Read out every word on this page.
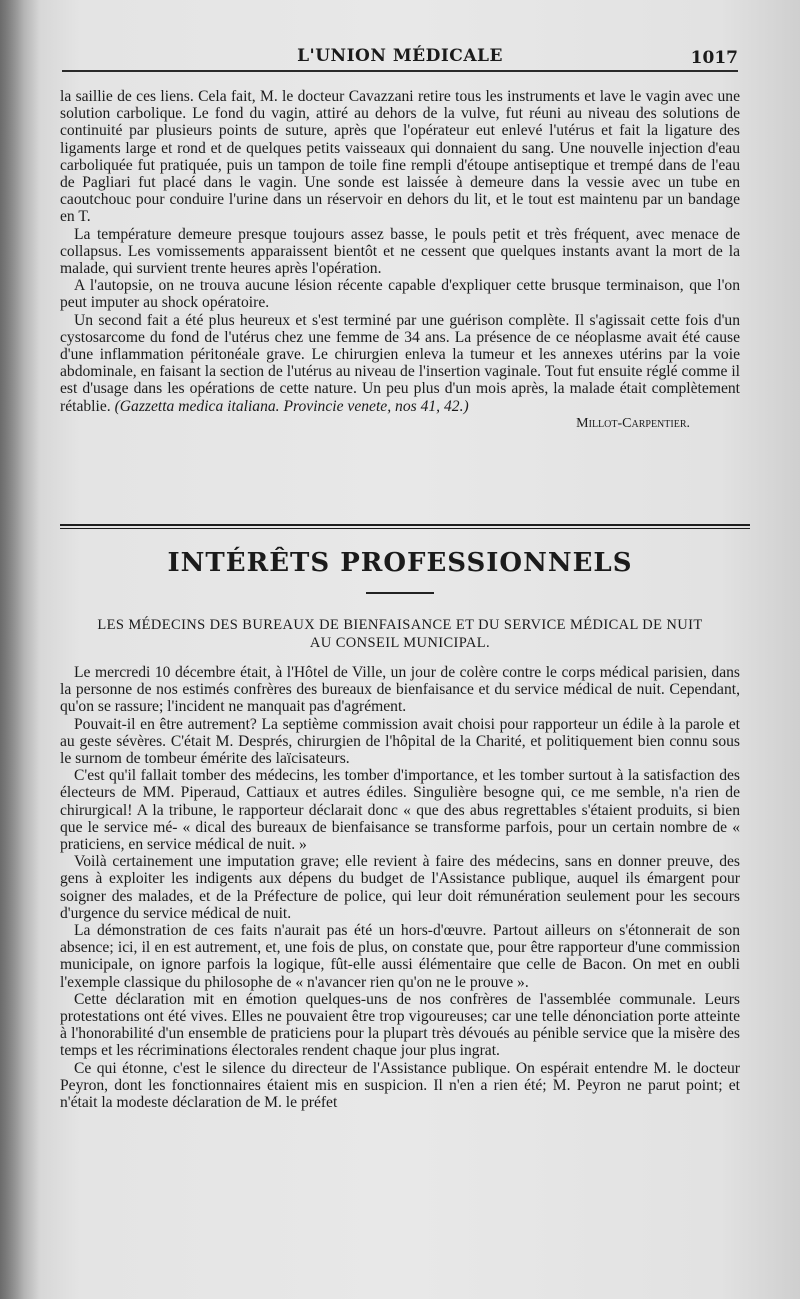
L'UNION MÉDICALE	1017

la saillie de ces liens. Cela fait, M. le docteur Cavazzani retire tous les instruments et lave le vagin avec une solution carbolique. Le fond du vagin, attiré au dehors de la vulve, fut réuni au niveau des solutions de continuité par plusieurs points de suture, après que l'opérateur eut enlevé l'utérus et fait la ligature des ligaments large et rond et de quelques petits vaisseaux qui donnaient du sang. Une nouvelle injection d'eau carboliquée fut pratiquée, puis un tampon de toile fine rempli d'étoupe antiseptique et trempé dans de l'eau de Pagliari fut placé dans le vagin. Une sonde est laissée à demeure dans la vessie avec un tube en caoutchouc pour conduire l'urine dans un réservoir en dehors du lit, et le tout est maintenu par un bandage en T.

La température demeure presque toujours assez basse, le pouls petit et très fréquent, avec menace de collapsus. Les vomissements apparaissent bientôt et ne cessent que quelques instants avant la mort de la malade, qui survient trente heures après l'opération.

A l'autopsie, on ne trouva aucune lésion récente capable d'expliquer cette brusque terminaison, que l'on peut imputer au shock opératoire.

Un second fait a été plus heureux et s'est terminé par une guérison complète. Il s'agissait cette fois d'un cystosarcome du fond de l'utérus chez une femme de 34 ans. La présence de ce néoplasme avait été cause d'une inflammation péritonéale grave. Le chirurgien enleva la tumeur et les annexes utérins par la voie abdominale, en faisant la section de l'utérus au niveau de l'insertion vaginale. Tout fut ensuite réglé comme il est d'usage dans les opérations de cette nature. Un peu plus d'un mois après, la malade était complètement rétablie. (Gazzetta medica italiana. Provincie venete, nos 41, 42.)

Millot-Carpentier.

INTÉRÊTS PROFESSIONNELS
LES MÉDECINS DES BUREAUX DE BIENFAISANCE ET DU SERVICE MÉDICAL DE NUIT
AU CONSEIL MUNICIPAL.

Le mercredi 10 décembre était, à l'Hôtel de Ville, un jour de colère contre le corps médical parisien, dans la personne de nos estimés confrères des bureaux de bienfaisance et du service médical de nuit. Cependant, qu'on se rassure; l'incident ne manquait pas d'agrément.

Pouvait-il en être autrement? La septième commission avait choisi pour rapporteur un édile à la parole et au geste sévères. C'était M. Després, chirurgien de l'hôpital de la Charité, et politiquement bien connu sous le surnom de tombeur émérite des laïcisateurs.

C'est qu'il fallait tomber des médecins, les tomber d'importance, et les tomber surtout à la satisfaction des électeurs de MM. Piperaud, Cattiaux et autres édiles. Singulière besogne qui, ce me semble, n'a rien de chirurgical! A la tribune, le rapporteur déclarait donc « que des abus regrettables s'étaient produits, si bien que le service mé- « dical des bureaux de bienfaisance se transforme parfois, pour un certain nombre de « praticiens, en service médical de nuit. »

Voilà certainement une imputation grave; elle revient à faire des médecins, sans en donner preuve, des gens à exploiter les indigents aux dépens du budget de l'Assistance publique, auquel ils émargent pour soigner des malades, et de la Préfecture de police, qui leur doit rémunération seulement pour les secours d'urgence du service médical de nuit.

La démonstration de ces faits n'aurait pas été un hors-d'œuvre. Partout ailleurs on s'étonnerait de son absence; ici, il en est autrement, et, une fois de plus, on constate que, pour être rapporteur d'une commission municipale, on ignore parfois la logique, fût-elle aussi élémentaire que celle de Bacon. On met en oubli l'exemple classique du philosophe de « n'avancer rien qu'on ne le prouve ».

Cette déclaration mit en émotion quelques-uns de nos confrères de l'assemblée communale. Leurs protestations ont été vives. Elles ne pouvaient être trop vigoureuses; car une telle dénonciation porte atteinte à l'honorabilité d'un ensemble de praticiens pour la plupart très dévoués au pénible service que la misère des temps et les récriminations électorales rendent chaque jour plus ingrat.

Ce qui étonne, c'est le silence du directeur de l'Assistance publique. On espérait entendre M. le docteur Peyron, dont les fonctionnaires étaient mis en suspicion. Il n'en a rien été; M. Peyron ne parut point; et n'était la modeste déclaration de M. le préfet
